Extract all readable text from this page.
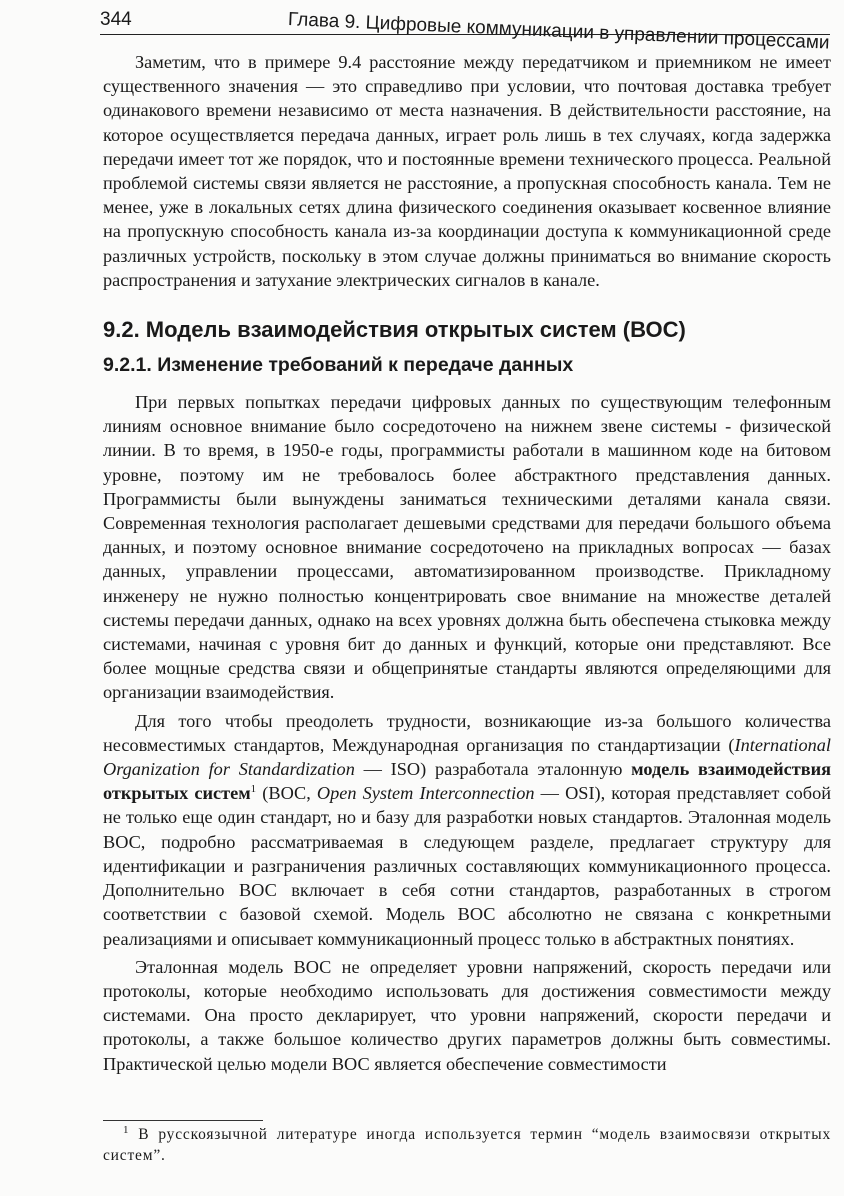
344	Глава 9. Цифровые коммуникации в управлении процессами

Заметим, что в примере 9.4 расстояние между передатчиком и приемником не имеет существенного значения — это справедливо при условии, что почтовая доставка требует одинакового времени независимо от места назначения. В действительности расстояние, на которое осуществляется передача данных, играет роль лишь в тех случаях, когда задержка передачи имеет тот же порядок, что и постоянные времени технического процесса. Реальной проблемой системы связи является не расстояние, а пропускная способность канала. Тем не менее, уже в локальных сетях длина физического соединения оказывает косвенное влияние на пропускную способность канала из-за координации доступа к коммуникационной среде различных устройств, поскольку в этом случае должны приниматься во внимание скорость распространения и затухание электрических сигналов в канале.

9.2. Модель взаимодействия открытых систем (ВОС)
9.2.1. Изменение требований к передаче данных

При первых попытках передачи цифровых данных по существующим телефонным линиям основное внимание было сосредоточено на нижнем звене системы - физической линии. В то время, в 1950-е годы, программисты работали в машинном коде на битовом уровне, поэтому им не требовалось более абстрактного представления данных. Программисты были вынуждены заниматься техническими деталями канала связи. Современная технология располагает дешевыми средствами для передачи большого объема данных, и поэтому основное внимание сосредоточено на прикладных вопросах — базах данных, управлении процессами, автоматизированном производстве. Прикладному инженеру не нужно полностью концентрировать свое внимание на множестве деталей системы передачи данных, однако на всех уровнях должна быть обеспечена стыковка между системами, начиная с уровня бит до данных и функций, которые они представляют. Все более мощные средства связи и общепринятые стандарты являются определяющими для организации взаимодействия.

Для того чтобы преодолеть трудности, возникающие из-за большого количества несовместимых стандартов, Международная организация по стандартизации (International Organization for Standardization — ISO) разработала эталонную модель взаимодействия открытых систем$^1$ (ВОС, Open System Interconnection — OSI), которая представляет собой не только еще один стандарт, но и базу для разработки новых стандартов. Эталонная модель ВОС, подробно рассматриваемая в следующем разделе, предлагает структуру для идентификации и разграничения различных составляющих коммуникационного процесса. Дополнительно ВОС включает в себя сотни стандартов, разработанных в строгом соответствии с базовой схемой. Модель ВОС абсолютно не связана с конкретными реализациями и описывает коммуникационный процесс только в абстрактных понятиях.

Эталонная модель ВОС не определяет уровни напряжений, скорость передачи или протоколы, которые необходимо использовать для достижения совместимости между системами. Она просто декларирует, что уровни напряжений, скорости передачи и протоколы, а также большое количество других параметров должны быть совместимы. Практической целью модели ВОС является обеспечение совместимости

$^1$ В русскоязычной литературе иногда используется термин “модель взаимосвязи открытых систем”.
